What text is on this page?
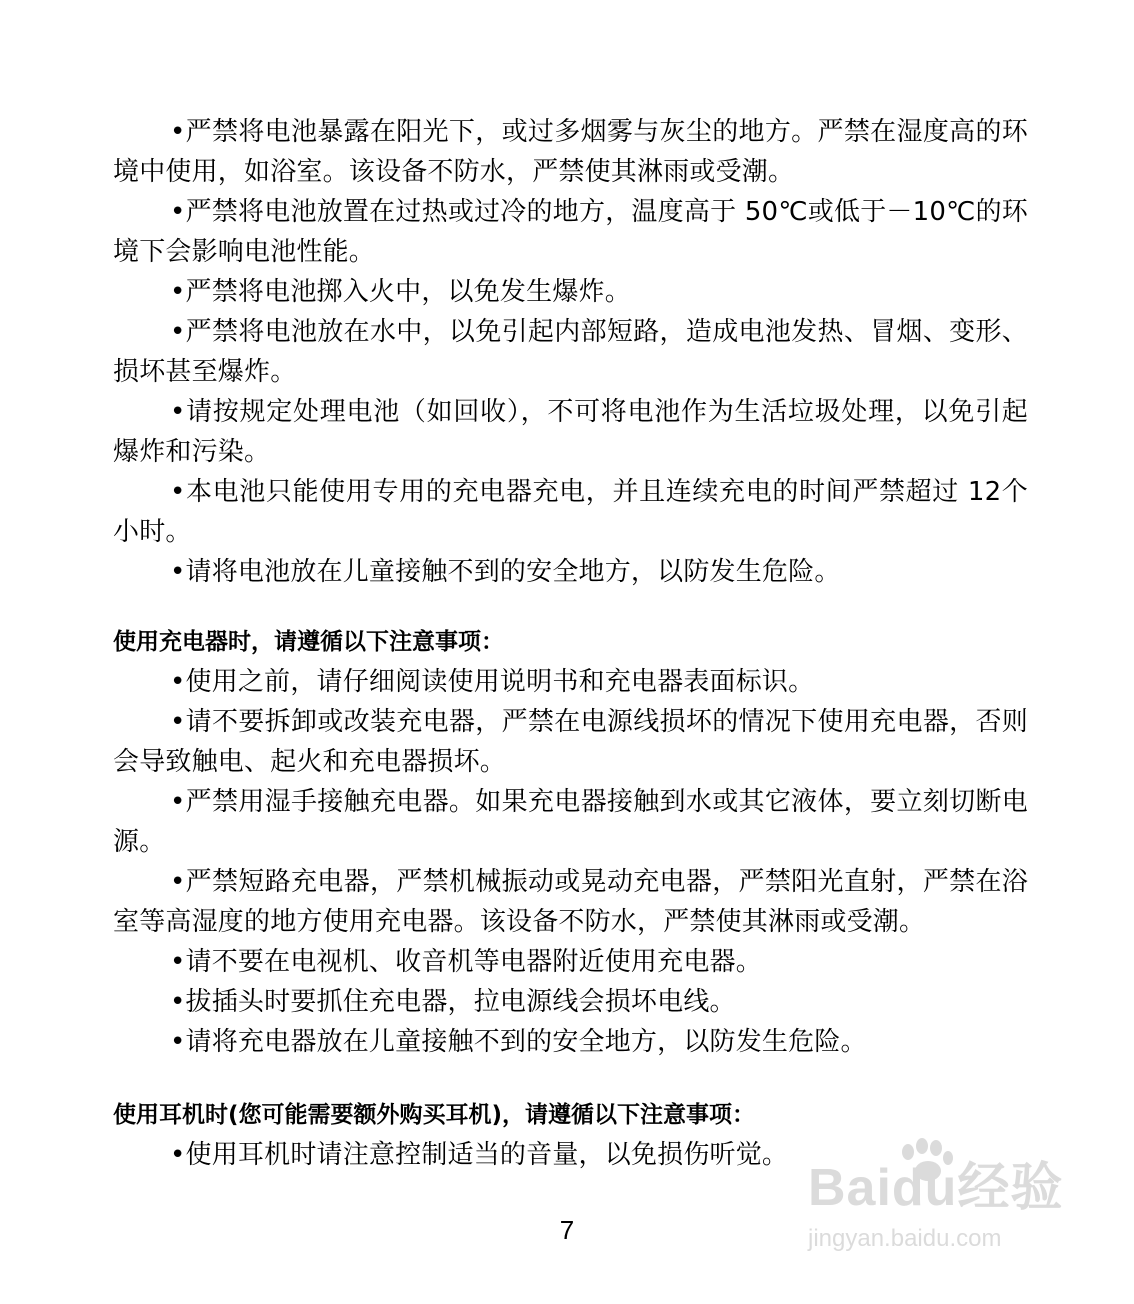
•严禁将电池暴露在阳光下，或过多烟雾与灰尘的地方。严禁在湿度高的环境中使用，如浴室。该设备不防水，严禁使其淋雨或受潮。

•严禁将电池放置在过热或过冷的地方，温度高于 50℃或低于－10℃的环境下会影响电池性能。

•严禁将电池掷入火中，以免发生爆炸。

•严禁将电池放在水中，以免引起内部短路，造成电池发热、冒烟、变形、损坏甚至爆炸。

•请按规定处理电池（如回收），不可将电池作为生活垃圾处理，以免引起爆炸和污染。

•本电池只能使用专用的充电器充电，并且连续充电的时间严禁超过 12个小时。

•请将电池放在儿童接触不到的安全地方，以防发生危险。

使用充电器时，请遵循以下注意事项：

•使用之前，请仔细阅读使用说明书和充电器表面标识。

•请不要拆卸或改装充电器，严禁在电源线损坏的情况下使用充电器，否则会导致触电、起火和充电器损坏。

•严禁用湿手接触充电器。如果充电器接触到水或其它液体，要立刻切断电源。

•严禁短路充电器，严禁机械振动或晃动充电器，严禁阳光直射，严禁在浴室等高湿度的地方使用充电器。该设备不防水，严禁使其淋雨或受潮。

•请不要在电视机、收音机等电器附近使用充电器。

•拔插头时要抓住充电器，拉电源线会损坏电线。

•请将充电器放在儿童接触不到的安全地方，以防发生危险。

使用耳机时(您可能需要额外购买耳机)，请遵循以下注意事项：

•使用耳机时请注意控制适当的音量，以免损伤听觉。

7
Baidu经验
jingyan.baidu.com
